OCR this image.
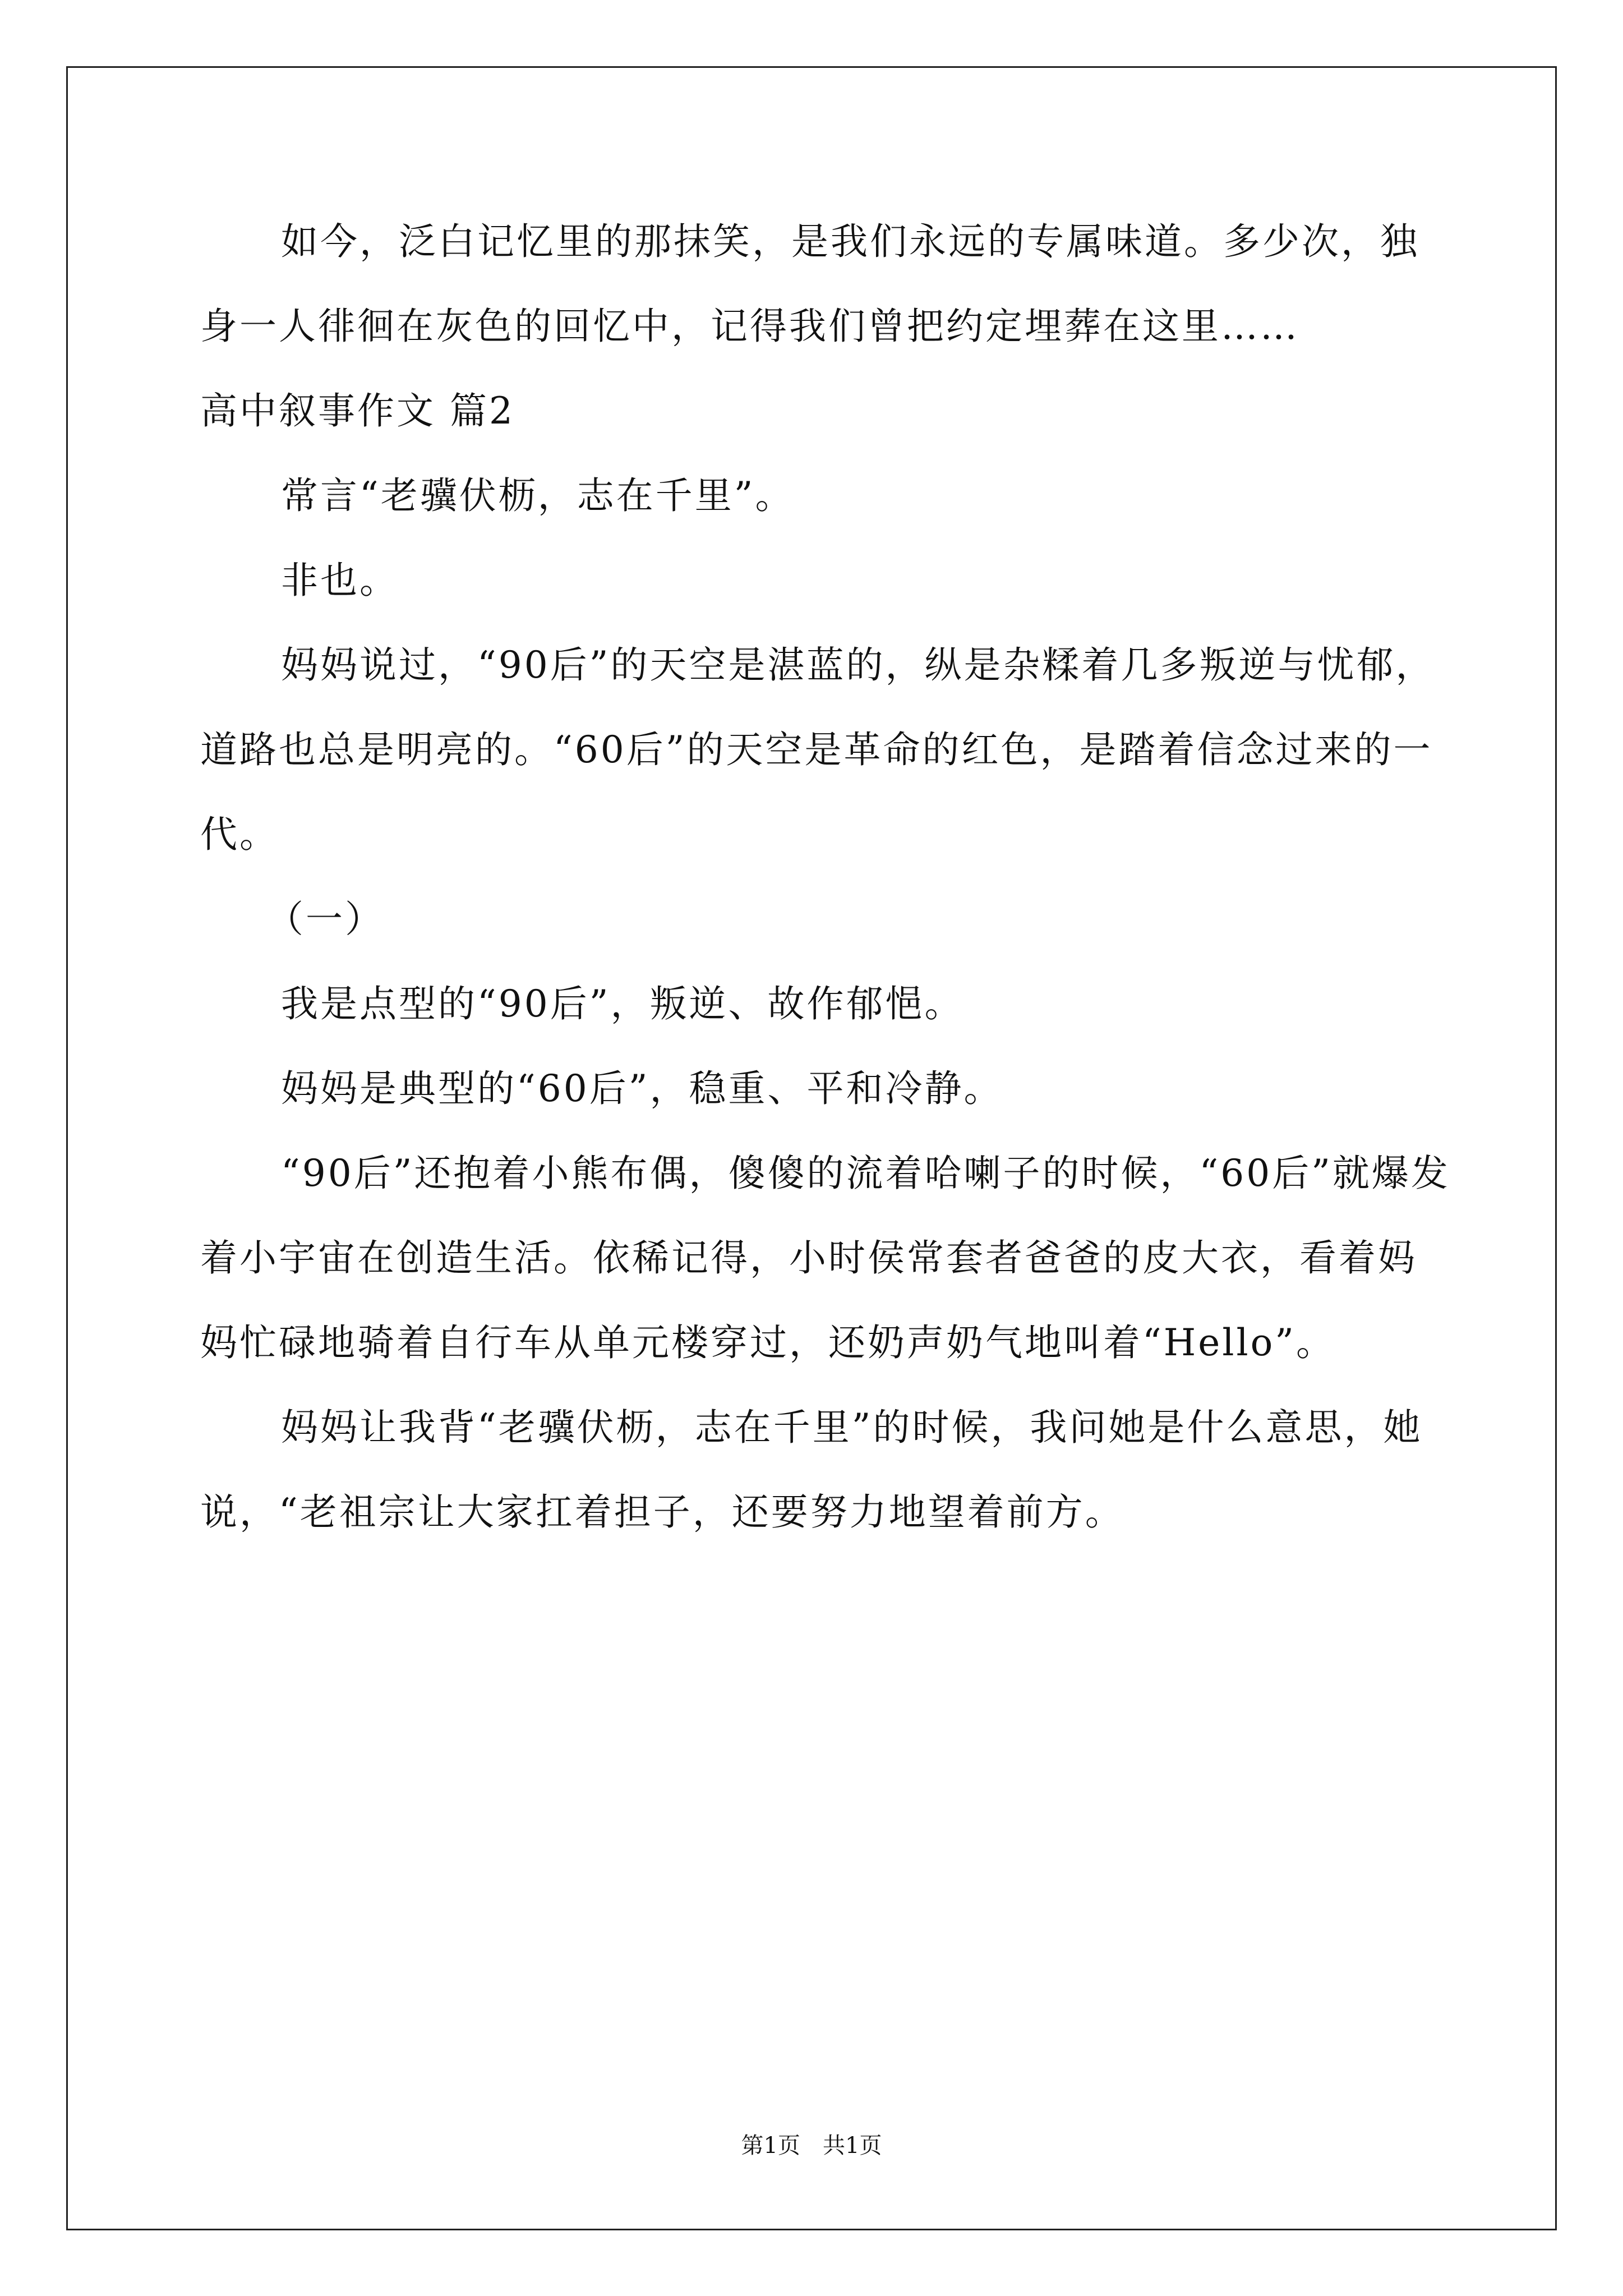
如今，泛白记忆里的那抹笑，是我们永远的专属味道。多少次，独身一人徘徊在灰色的回忆中，记得我们曾把约定埋葬在这里……

高中叙事作文 篇2

常言“老骥伏枥，志在千里”。

非也。

妈妈说过，“90后”的天空是湛蓝的，纵是杂糅着几多叛逆与忧郁，道路也总是明亮的。“60后”的天空是革命的红色，是踏着信念过来的一代。

（一）

我是点型的“90后”，叛逆、故作郁悒。

妈妈是典型的“60后”，稳重、平和冷静。

“90后”还抱着小熊布偶，傻傻的流着哈喇子的时候，“60后”就爆发着小宇宙在创造生活。依稀记得，小时侯常套者爸爸的皮大衣，看着妈妈忙碌地骑着自行车从单元楼穿过，还奶声奶气地叫着“Hello”。

妈妈让我背“老骥伏枥，志在千里”的时候，我问她是什么意思，她说，“老祖宗让大家扛着担子，还要努力地望着前方。

第1页　共1页
